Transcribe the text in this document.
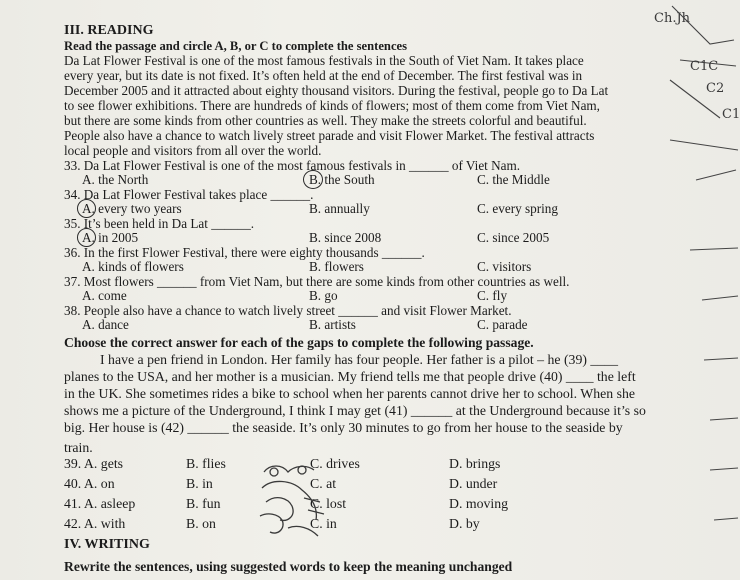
III. READING
Read the passage and circle A, B, or C to complete the sentences
Da Lat Flower Festival is one of the most famous festivals in the South of Viet Nam. It takes place
every year, but its date is not fixed. It’s often held at the end of December. The first festival was in
December 2005 and it attracted about eighty thousand visitors. During the festival, people go to Da Lat
to see flower exhibitions. There are hundreds of kinds of flowers; most of them come from Viet Nam,
but there are some kinds from other countries as well. They make the streets colorful and beautiful.
People also have a chance to watch lively street parade and visit Flower Market. The festival attracts
local people and visitors from all over the world.
33. Da Lat Flower Festival is one of the most famous festivals in ______ of Viet Nam.
A. the North	B. the South	C. the Middle
34. Da Lat Flower Festival takes place ______.
A. every two years	B. annually	C. every spring
35. It’s been held in Da Lat ______.
A. in 2005	B. since 2008	C. since 2005
36. In the first Flower Festival, there were eighty thousands ______.
A. kinds of flowers	B. flowers	C. visitors
37. Most flowers ______ from Viet Nam, but there are some kinds from other countries as well.
A. come	B. go	C. fly
38. People also have a chance to watch lively street ______ and visit Flower Market.
A. dance	B. artists	C. parade
Choose the correct answer for each of the gaps to complete the following passage.
I have a pen friend in London. Her family has four people. Her father is a pilot – he (39) ____
planes to the USA, and her mother is a musician. My friend tells me that people drive (40) ____ the left
in the UK. She sometimes rides a bike to school when her parents cannot drive her to school. When she
shows me a picture of the Underground, I think I may get (41) ______ at the Underground because it’s so
big. Her house is (42) ______ the seaside. It’s only 30 minutes to go from her house to the seaside by
train.
39. A. gets	B. flies	C. drives	D. brings
40. A. on	B. in	C. at	D. under
41. A. asleep	B. fun	C. lost	D. moving
42. A. with	B. on	C. in	D. by
IV. WRITING
Rewrite the sentences, using suggested words to keep the meaning unchanged
Ch.Jh
C1C
C2
C1
